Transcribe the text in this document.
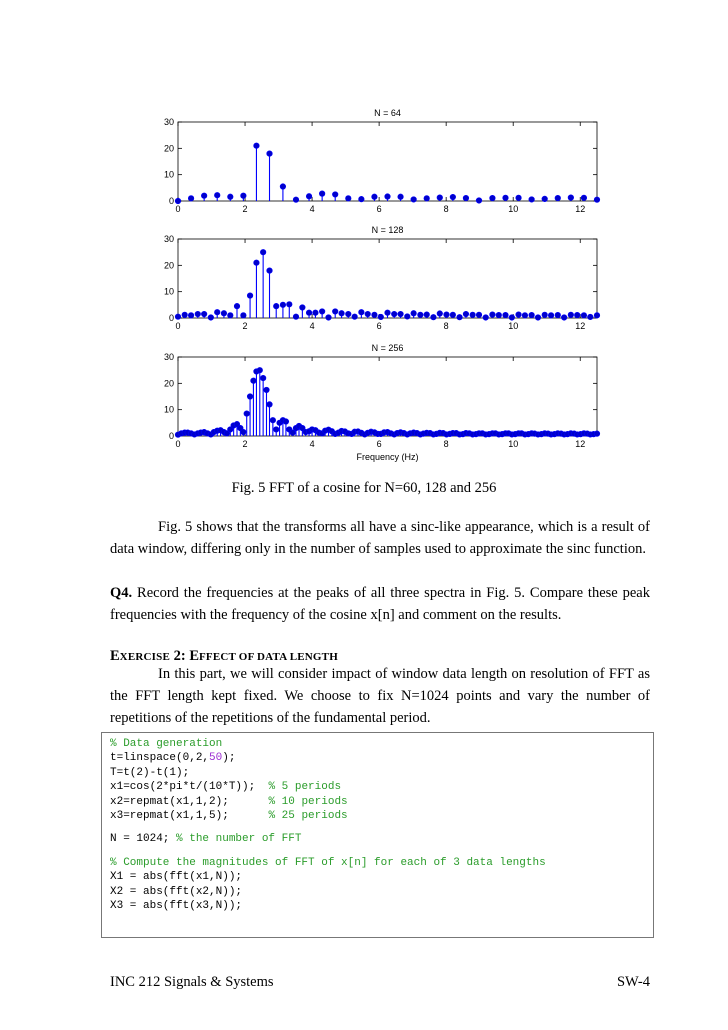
N = 64
0
10
20
30
0	2	4	6	8	10	12
N = 128
0
10
20
30
0	2	4	6	8	10	12
N = 256
0
10
20
30
0	2	4	6	8	10	12
Frequency (Hz)
Fig. 5 FFT of a cosine for N=60, 128 and 256

Fig. 5 shows that the transforms all have a sinc-like appearance, which is a result of data window, differing only in the number of samples used to approximate the sinc function.

Q4. Record the frequencies at the peaks of all three spectra in Fig. 5. Compare these peak frequencies with the frequency of the cosine x[n] and comment on the results.

EXERCISE 2: EFFECT OF DATA LENGTH

In this part, we will consider impact of window data length on resolution of FFT as the FFT length kept fixed. We choose to fix N=1024 points and vary the number of repetitions of the repetitions of the fundamental period.

% Data generation
t=linspace(0,2,50);
T=t(2)-t(1);
x1=cos(2*pi*t/(10*T));  % 5 periods
x2=repmat(x1,1,2);      % 10 periods
x3=repmat(x1,1,5);      % 25 periods
N = 1024; % the number of FFT
% Compute the magnitudes of FFT of x[n] for each of 3 data lengths
X1 = abs(fft(x1,N));
X2 = abs(fft(x2,N));
X3 = abs(fft(x3,N));
INC 212 Signals & Systems	SW-4
